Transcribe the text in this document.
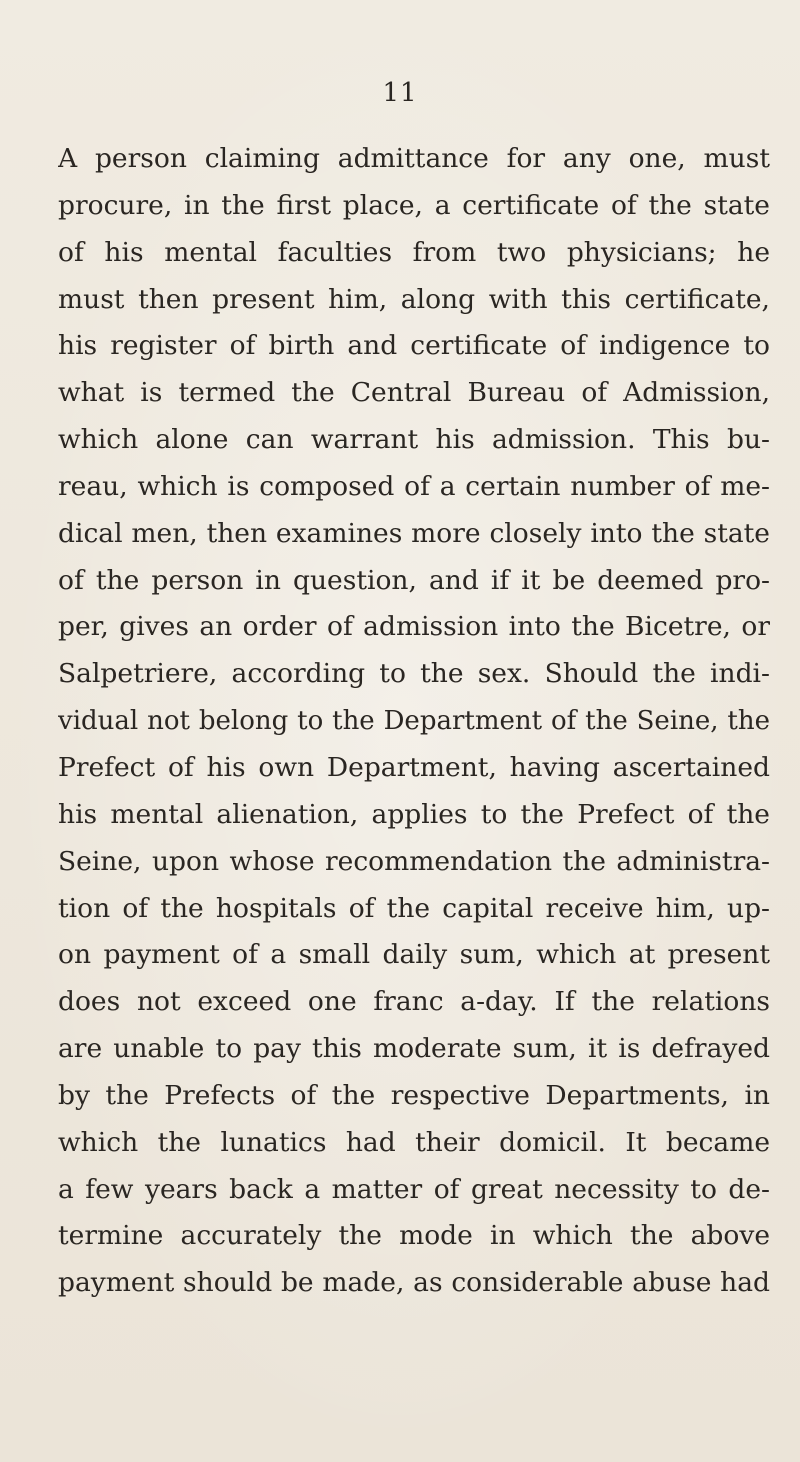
11
A person claiming admittance for any one, must
procure, in the first place, a certificate of the state
of his mental faculties from two physicians; he
must then present him, along with this certificate,
his register of birth and certificate of indigence to
what is termed the Central Bureau of Admission,
which alone can warrant his admission. This bu-
reau, which is composed of a certain number of me-
dical men, then examines more closely into the state
of the person in question, and if it be deemed pro-
per, gives an order of admission into the Bicetre, or
Salpetriere, according to the sex. Should the indi-
vidual not belong to the Department of the Seine, the
Prefect of his own Department, having ascertained
his mental alienation, applies to the Prefect of the
Seine, upon whose recommendation the administra-
tion of the hospitals of the capital receive him, up-
on payment of a small daily sum, which at present
does not exceed one franc a-day. If the relations
are unable to pay this moderate sum, it is defrayed
by the Prefects of the respective Departments, in
which the lunatics had their domicil. It became
a few years back a matter of great necessity to de-
termine accurately the mode in which the above
payment should be made, as considerable abuse had
